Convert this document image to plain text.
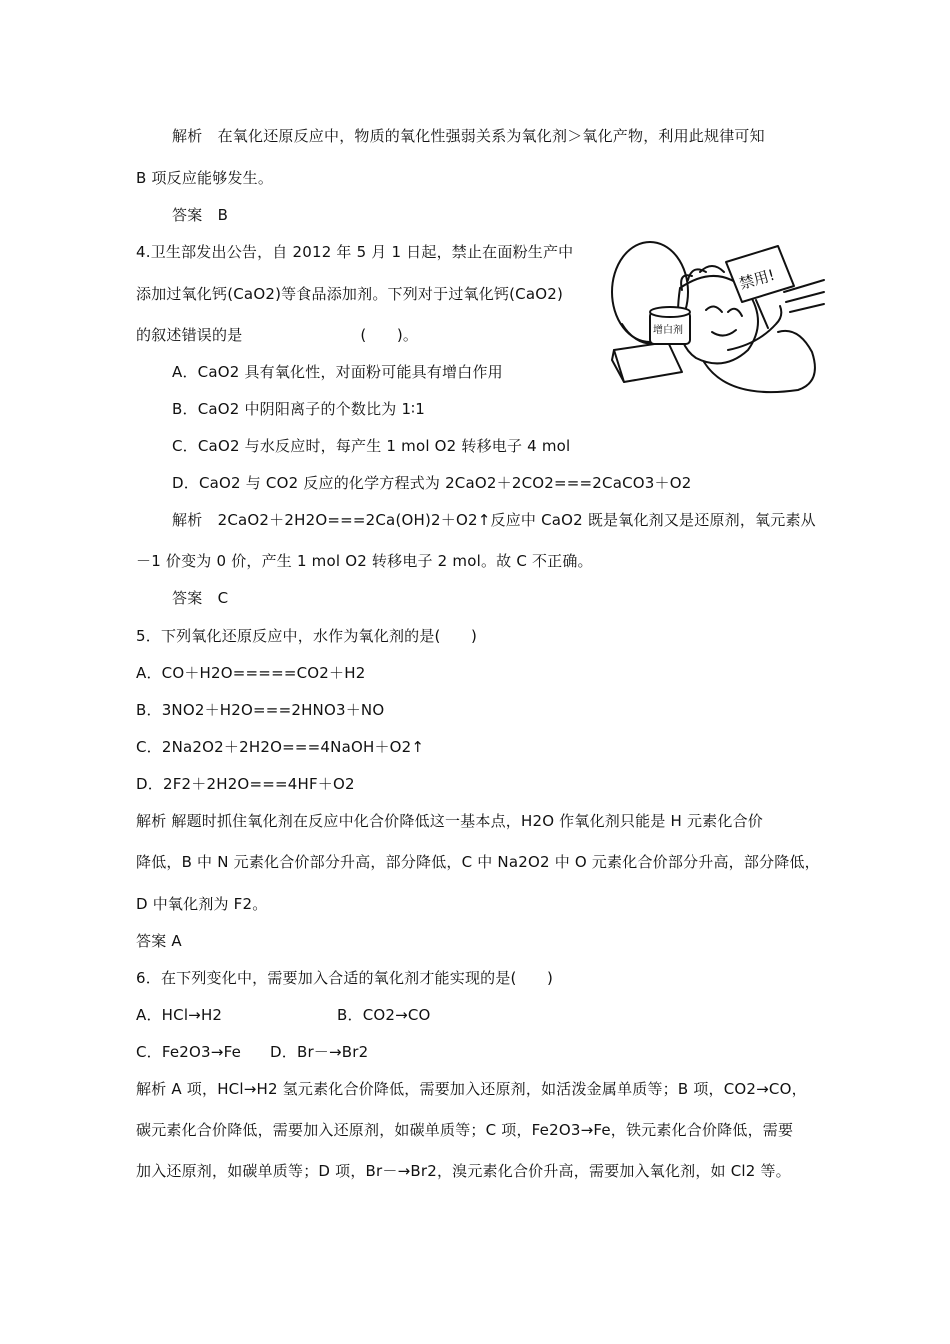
解析　在氧化还原反应中，物质的氧化性强弱关系为氧化剂＞氧化产物，利用此规律可知
B 项反应能够发生。
答案　B
4.卫生部发出公告，自 2012 年 5 月 1 日起，禁止在面粉生产中
添加过氧化钙(CaO2)等食品添加剂。下列对于过氧化钙(CaO2)
的叙述错误的是	(　　)。
A．CaO2 具有氧化性，对面粉可能具有增白作用
B．CaO2 中阴阳离子的个数比为 1∶1
C．CaO2 与水反应时，每产生 1 mol O2 转移电子 4 mol
D．CaO2 与 CO2 反应的化学方程式为 2CaO2＋2CO2===2CaCO3＋O2
解析　2CaO2＋2H2O===2Ca(OH)2＋O2↑反应中 CaO2 既是氧化剂又是还原剂，氧元素从
－1 价变为 0 价，产生 1 mol O2 转移电子 2 mol。故 C 不正确。
答案　C
禁用!
增白剂
5．下列氧化还原反应中，水作为氧化剂的是(　　)
A．CO＋H2O=====CO2＋H2
B．3NO2＋H2O===2HNO3＋NO
C．2Na2O2＋2H2O===4NaOH＋O2↑
D．2F2＋2H2O===4HF＋O2
解析 解题时抓住氧化剂在反应中化合价降低这一基本点，H2O 作氧化剂只能是 H 元素化合价
降低，B 中 N 元素化合价部分升高，部分降低，C 中 Na2O2 中 O 元素化合价部分升高，部分降低，
D 中氧化剂为 F2。
答案 A
6．在下列变化中，需要加入合适的氧化剂才能实现的是(　　)
A．HCl→H2	B．CO2→CO
C．Fe2O3→Fe D．Br－→Br2
解析 A 项，HCl→H2 氢元素化合价降低，需要加入还原剂，如活泼金属单质等；B 项，CO2→CO，
碳元素化合价降低，需要加入还原剂，如碳单质等；C 项，Fe2O3→Fe，铁元素化合价降低，需要
加入还原剂，如碳单质等；D 项，Br－→Br2，溴元素化合价升高，需要加入氧化剂，如 Cl2 等。
